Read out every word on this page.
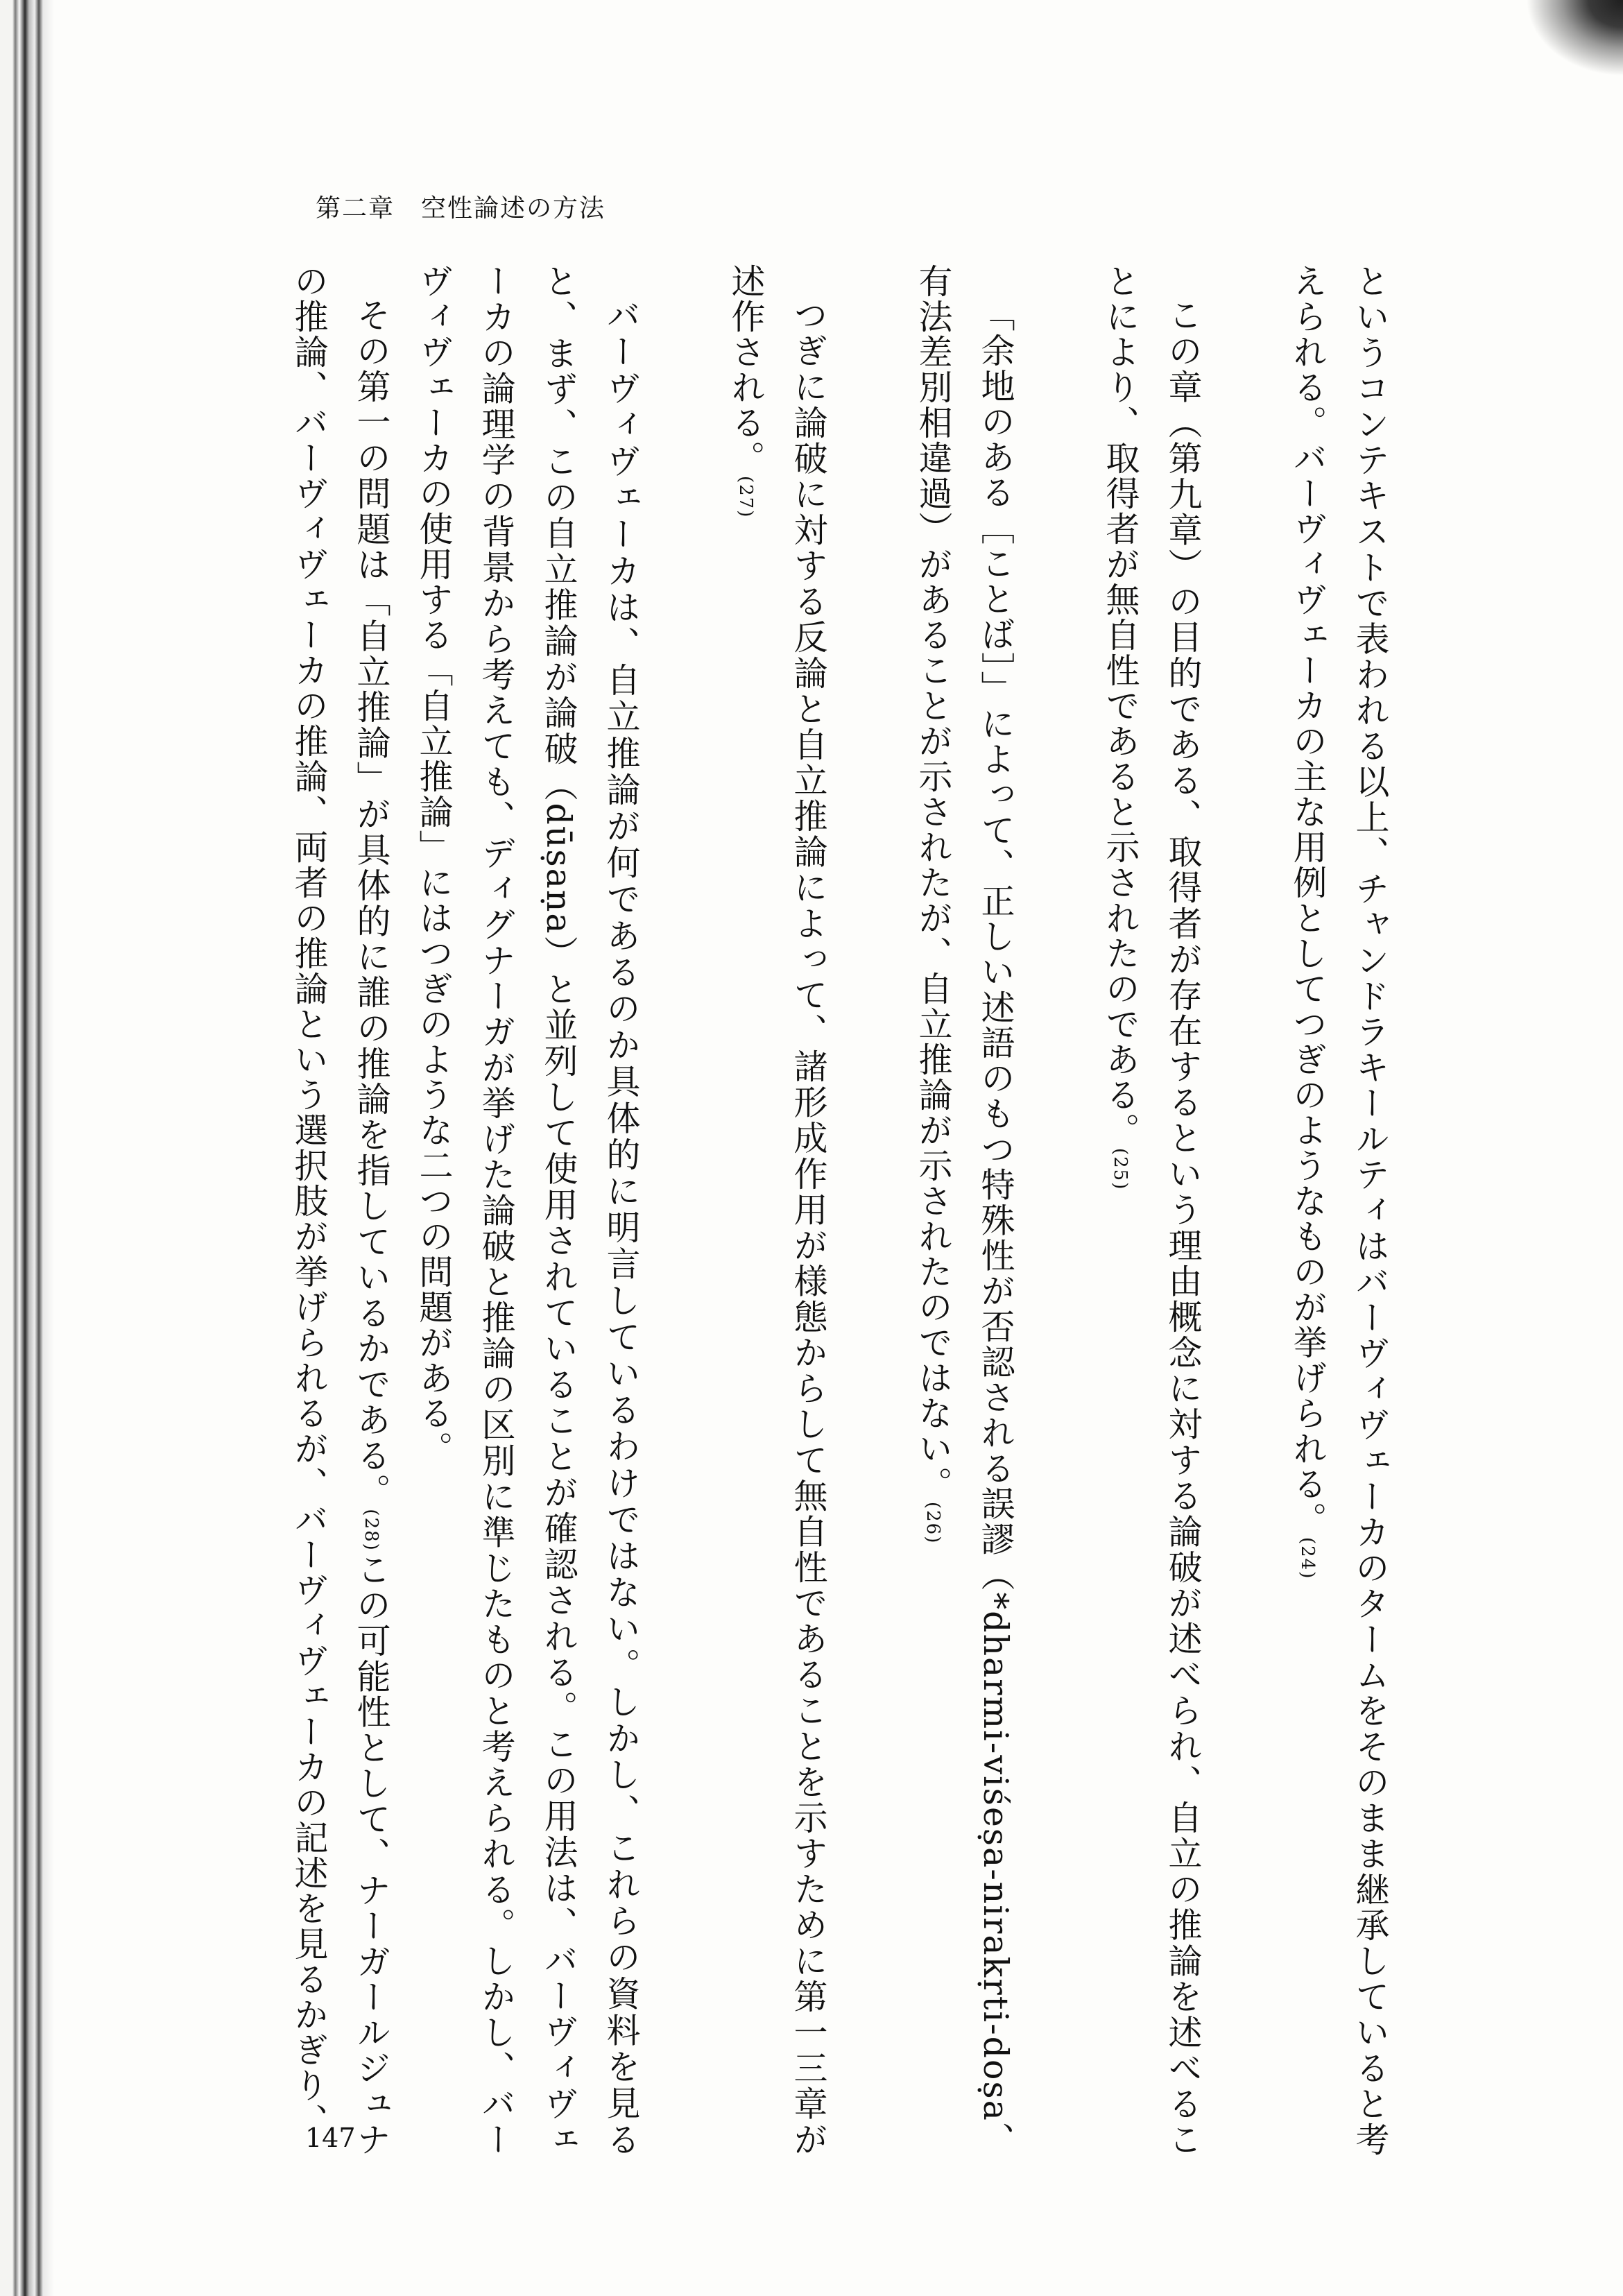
第二章　空性論述の方法

というコンテキストで表われる以上、チャンドラキールティはバーヴィヴェーカのタームをそのまま継承していると考えられる。バーヴィヴェーカの主な用例としてつぎのようなものが挙げられる。(24)

この章（第九章）の目的である、取得者が存在するという理由概念に対する論破が述べられ、自立の推論を述べることにより、取得者が無自性であると示されたのである。(25)

「余地のある［ことば］」によって、正しい述語のもつ特殊性が否認される誤謬（*dharmi-viśeṣa-nirakṛti-doṣa、有法差別相違過）があることが示されたが、自立推論が示されたのではない。(26)

つぎに論破に対する反論と自立推論によって、諸形成作用が様態からして無自性であることを示すために第一三章が述作される。(27)

バーヴィヴェーカは、自立推論が何であるのか具体的に明言しているわけではない。しかし、これらの資料を見ると、まず、この自立推論が論破（dūṣaṇa）と並列して使用されていることが確認される。この用法は、バーヴィヴェーカの論理学の背景から考えても、ディグナーガが挙げた論破と推論の区別に準じたものと考えられる。しかし、バーヴィヴェーカの使用する「自立推論」にはつぎのような二つの問題がある。

その第一の問題は「自立推論」が具体的に誰の推論を指しているかである。(28)この可能性として、ナーガールジュナの推論、バーヴィヴェーカの推論、両者の推論という選択肢が挙げられるが、バーヴィヴェーカの記述を見るかぎり、

147
